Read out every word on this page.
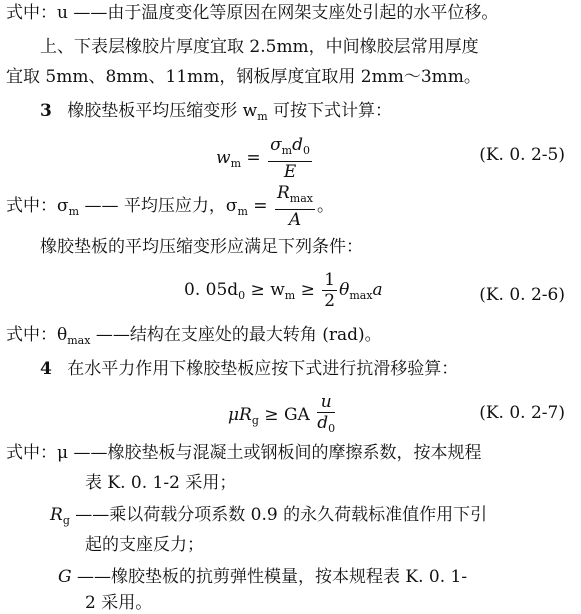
式中：u ——由于温度变化等原因在网架支座处引起的水平位移。
上、下表层橡胶片厚度宜取 2.5mm，中间橡胶层常用厚度
宜取 5mm、8mm、11mm，钢板厚度宜取用 2mm～3mm。
3 橡胶垫板平均压缩变形 $w_m$ 可按下式计算：
$w_m = \frac{\sigma_md_0}{E}$	(K. 0. 2-5)
式中：$\sigma_m$ —— 平均压应力，$\sigma_m = \frac{R_{max}}{A}$ 。
橡胶垫板的平均压缩变形应满足下列条件：
0. $05d_0 \ge w_m \ge \frac{1}{2} \theta_{max}a$	(K. 0. 2-6)
式中：$\theta_{max}$ ——结构在支座处的最大转角 (rad)。
4 在水平力作用下橡胶垫板应按下式进行抗滑移验算：
$\mu R_g$ ≥ GA $\frac{u}{d_0}$	(K. 0. 2-7)
式中：μ ——橡胶垫板与混凝土或钢板间的摩擦系数，按本规程
表 K. 0. 1-2 采用；
$R_g$ ——乘以荷载分项系数 0.9 的永久荷载标准值作用下引
起的支座反力；
G ——橡胶垫板的抗剪弹性模量，按本规程表 K. 0. 1-
2 采用。
